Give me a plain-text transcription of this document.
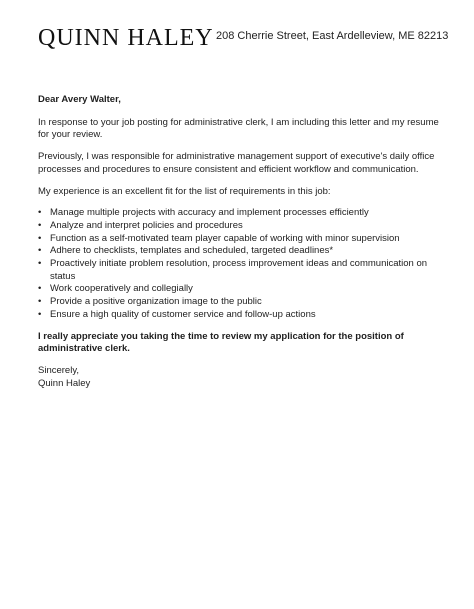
QUINN HALEY 208 Cherrie Street, East Ardelleview, ME 82213

Dear Avery Walter,

In response to your job posting for administrative clerk, I am including this letter and my resume for your review.

Previously, I was responsible for administrative management support of executive's daily office processes and procedures to ensure consistent and efficient workflow and communication.

My experience is an excellent fit for the list of requirements in this job:

• Manage multiple projects with accuracy and implement processes efficiently
• Analyze and interpret policies and procedures
• Function as a self-motivated team player capable of working with minor supervision
• Adhere to checklists, templates and scheduled, targeted deadlines*
• Proactively initiate problem resolution, process improvement ideas and communication on status
• Work cooperatively and collegially
• Provide a positive organization image to the public
• Ensure a high quality of customer service and follow-up actions

I really appreciate you taking the time to review my application for the position of administrative clerk.

Sincerely,

Quinn Haley
